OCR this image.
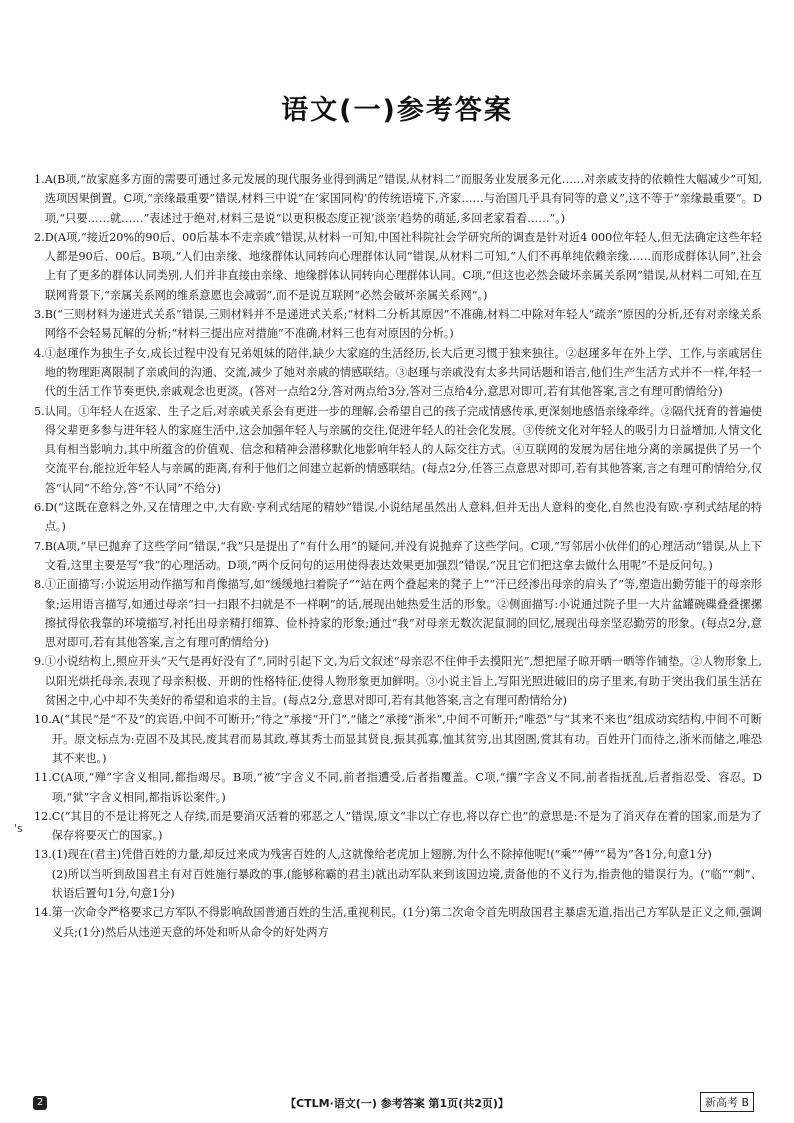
语文(一)参考答案
1. A(B项,“故家庭多方面的需要可通过多元发展的现代服务业得到满足”错误,从材料二“而服务业发展多元化……对亲戚支持的依赖性大幅减少”可知,选项因果倒置。C项,“亲缘最重要”错误,材料三中说“在‘家国同构’的传统语境下,齐家……与治国几乎具有同等的意义”,这不等于“亲缘最重要”。D项,“只要……就……”表述过于绝对,材料三是说“以更积极态度正视‘淡亲’趋势的萌延,多回老家看看……”。)
2. D(A项,“接近20%的90后、00后基本不走亲戚”错误,从材料一可知,中国社科院社会学研究所的调查是针对近4 000位年轻人,但无法确定这些年轻人都是90后、00后。B项,“人们由亲缘、地缘群体认同转向心理群体认同”错误,从材料二可知,“人们不再单纯依赖亲缘……而形成群体认同”,社会上有了更多的群体认同类别,人们并非直接由亲缘、地缘群体认同转向心理群体认同。C项,“但这也必然会破坏亲属关系网”错误,从材料二可知,在互联网背景下,“亲属关系网的维系意愿也会减弱”,而不是说互联网“必然会破坏亲属关系网”。)
3. B(“三则材料为递进式关系”错误,三则材料并不是递进式关系;“材料二分析其原因”不准确,材料二中除对年轻人“疏亲”原因的分析,还有对亲缘关系网络不会轻易瓦解的分析;“材料三提出应对措施”不准确,材料三也有对原因的分析。)
4. ①赵瑾作为独生子女,成长过程中没有兄弟姐妹的陪伴,缺少大家庭的生活经历,长大后更习惯于独来独往。②赵瑾多年在外上学、工作,与亲戚居住地的物理距离限制了亲戚间的沟通、交流,减少了她对亲戚的情感联结。③赵瑾与亲戚没有太多共同话题和语言,他们生产生活方式并不一样,年轻一代的生活工作节奏更快,亲戚观念也更淡。(答对一点给2分,答对两点给3分,答对三点给4分,意思对即可,若有其他答案,言之有理可酌情给分)
5. 认同。①年轻人在返家、生子之后,对亲戚关系会有更进一步的理解,会希望自己的孩子完成情感传承,更深刻地感悟亲缘牵绊。②隔代抚育的普遍使得父辈更多参与进年轻人的家庭生活中,这会加强年轻人与亲属的交往,促进年轻人的社会化发展。③传统文化对年轻人的吸引力日益增加,人情文化具有相当影响力,其中所蕴含的价值观、信念和精神会潜移默化地影响年轻人的人际交往方式。④互联网的发展为居住地分离的亲属提供了另一个交流平台,能拉近年轻人与亲属的距离,有利于他们之间建立起新的情感联结。(每点2分,任答三点意思对即可,若有其他答案,言之有理可酌情给分,仅答“认同”不给分,答“不认同”不给分)
6. D(“这既在意料之外,又在情理之中,大有欧·亨利式结尾的精妙”错误,小说结尾虽然出人意料,但并无出人意料的变化,自然也没有欧·亨利式结尾的特点。)
7. B(A项,“早已抛弃了这些学问”错误,“我”只是提出了“有什么用”的疑问,并没有说抛弃了这些学问。C项,“写邻居小伙伴们的心理活动”错误,从上下文看,这里主要是写“我”的心理活动。D项,“两个反问句的运用使得表达效果更加强烈”错误,“况且它们把这拿去做什么用呢”不是反问句。)
8. ①正面描写:小说运用动作描写和肖像描写,如“缓缓地扫着院子”“站在两个叠起来的凳子上”“汗已经渗出母亲的肩头了”等,塑造出勤劳能干的母亲形象;运用语言描写,如通过母亲“扫一扫跟不扫就是不一样啊”的话,展现出她热爱生活的形象。②侧面描写:小说通过院子里一大片盆罐碗碟叠叠摞摞擦拭得依我靠的环境描写,衬托出母亲精打细算、俭朴持家的形象;通过“我”对母亲无数次泥鼠洞的回忆,展现出母亲坚忍勤劳的形象。(每点2分,意思对即可,若有其他答案,言之有理可酌情给分)
9. ①小说结构上,照应开头“天气是再好没有了”,同时引起下文,为后文叙述“母亲忍不住伸手去摸阳光”,想把屋子晾开晒一晒等作铺垫。②人物形象上,以阳光烘托母亲,表现了母亲积极、开朗的性格特征,使得人物形象更加鲜明。③小说主旨上,写阳光照进破旧的房子里来,有助于突出我们虽生活在贫困之中,心中却不失美好的希望和追求的主旨。(每点2分,意思对即可,若有其他答案,言之有理可酌情给分)
10. A(“其民”是“不及”的宾语,中间不可断开;“待之”承接“开门”,“储之”承接“浙米”,中间不可断开;“唯恐”与“其来不来也”组成动宾结构,中间不可断开。原文标点为:克固不及其民,废其君而易其政,尊其秀士而显其贤良,振其孤寡,恤其贫穷,出其囹圄,赏其有功。百姓开门而待之,浙米而储之,唯恐其不来也。)
11. C(A项,“殚”字含义相同,都指竭尽。B项,“被”字含义不同,前者指遭受,后者指覆盖。C项,“攘”字含义不同,前者指抚乱,后者指忍受、容忍。D项,“狱”字含义相同,都指诉讼案件。)
12. C(“其目的不是让将死之人存续,而是要消灭活着的邪恶之人”错误,原文“非以亡存也,将以存亡也”的意思是:不是为了消灭存在着的国家,而是为了保存将要灭亡的国家。)
13. (1)现在(君主)凭借百姓的力量,却反过来成为残害百姓的人,这就像给老虎加上翅膀,为什么不除掉他呢!(“乘”“傅”“曷为”各1分,句意1分)
(2)所以当听到敌国君主有对百姓施行暴政的事,(能够称霸的君主)就出动军队来到该国边境,责备他的不义行为,指责他的错误行为。(“临”“刺”、状语后置句1分,句意1分)
14. 第一次命令严格要求己方军队不得影响敌国普通百姓的生活,重视利民。(1分)第二次命令首先明敌国君主暴虐无道,指出己方军队是正义之师,强调义兵;(1分)然后从违逆天意的坏处和听从命令的好处两方
's
2	【CTLM·语文(一) 参考答案 第1页(共2页)】	新高考 B
